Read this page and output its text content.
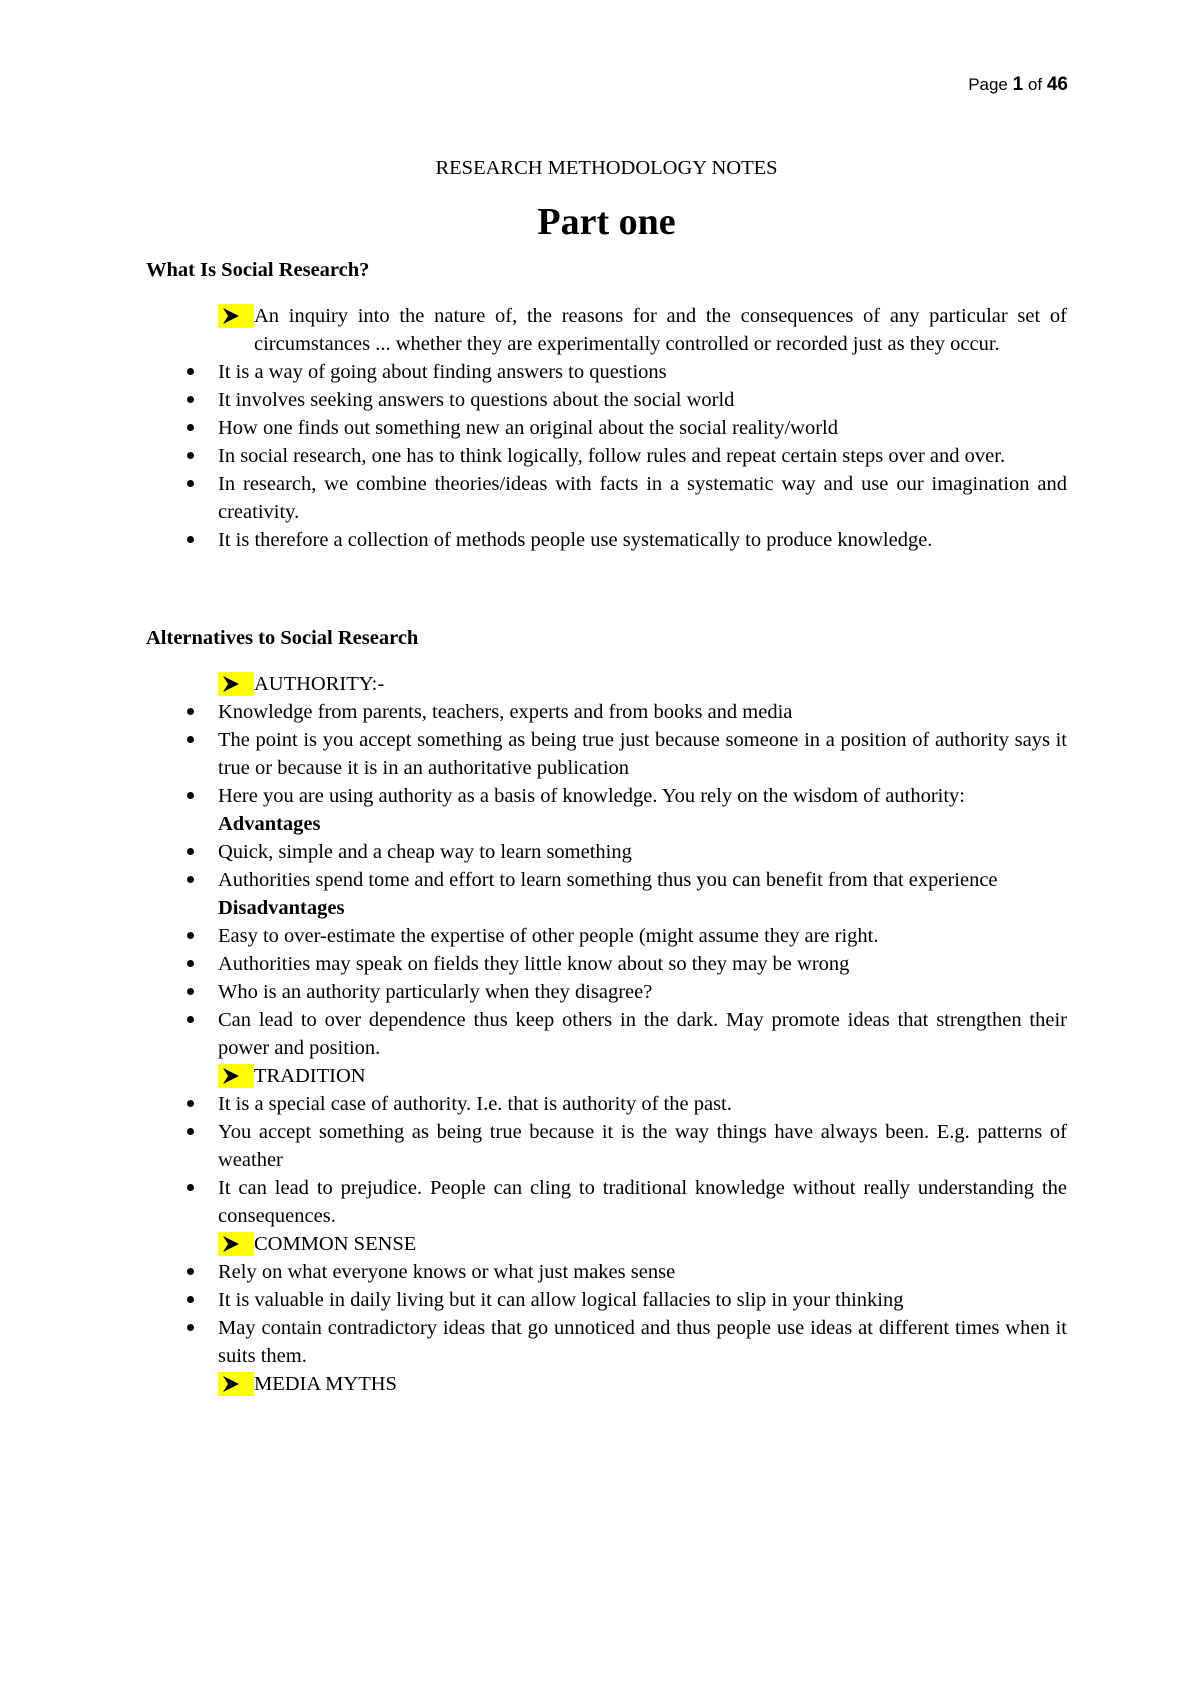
Page 1 of 46

RESEARCH METHODOLOGY NOTES

Part one

What Is Social Research?

An inquiry into the nature of, the reasons for and the consequences of any particular set of circumstances ... whether they are experimentally controlled or recorded just as they occur.
It is a way of going about finding answers to questions
It involves seeking answers to questions about the social world
How one finds out something new an original about the social reality/world
In social research, one has to think logically, follow rules and repeat certain steps over and over.
In research, we combine theories/ideas with facts in a systematic way and use our imagination and creativity.
It is therefore a collection of methods people use systematically to produce knowledge.

Alternatives to Social Research

AUTHORITY:-
Knowledge from parents, teachers, experts and from books and media
The point is you accept something as being true just because someone in a position of authority says it true or because it is in an authoritative publication
Here you are using authority as a basis of knowledge. You rely on the wisdom of authority:
Advantages
Quick, simple and a cheap way to learn something
Authorities spend tome and effort to learn something thus you can benefit from that experience
Disadvantages
Easy to over-estimate the expertise of other people (might assume they are right.
Authorities may speak on fields they little know about so they may be wrong
Who is an authority particularly when they disagree?
Can lead to over dependence thus keep others in the dark. May promote ideas that strengthen their power and position.
TRADITION
It is a special case of authority. I.e. that is authority of the past.
You accept something as being true because it is the way things have always been. E.g. patterns of weather
It can lead to prejudice. People can cling to traditional knowledge without really understanding the consequences.
COMMON SENSE
Rely on what everyone knows or what just makes sense
It is valuable in daily living but it can allow logical fallacies to slip in your thinking
May contain contradictory ideas that go unnoticed and thus people use ideas at different times when it suits them.
MEDIA MYTHS
